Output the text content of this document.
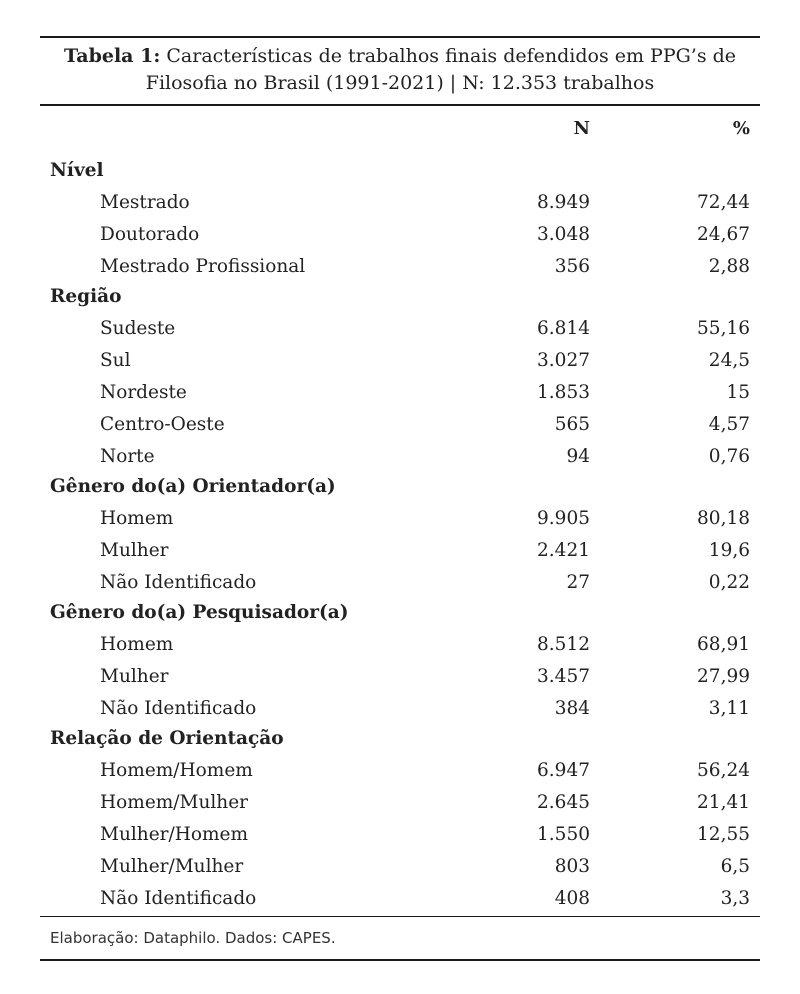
Tabela 1: Características de trabalhos finais defendidos em PPG’s de Filosofia no Brasil (1991-2021) | N: 12.353 trabalhos
N	%
Nível
Mestrado	8.949	72,44
Doutorado	3.048	24,67
Mestrado Profissional	356	2,88
Região
Sudeste	6.814	55,16
Sul	3.027	24,5
Nordeste	1.853	15
Centro-Oeste	565	4,57
Norte	94	0,76
Gênero do(a) Orientador(a)
Homem	9.905	80,18
Mulher	2.421	19,6
Não Identificado	27	0,22
Gênero do(a) Pesquisador(a)
Homem	8.512	68,91
Mulher	3.457	27,99
Não Identificado	384	3,11
Relação de Orientação
Homem/Homem	6.947	56,24
Homem/Mulher	2.645	21,41
Mulher/Homem	1.550	12,55
Mulher/Mulher	803	6,5
Não Identificado	408	3,3
Elaboração: Dataphilo. Dados: CAPES.
